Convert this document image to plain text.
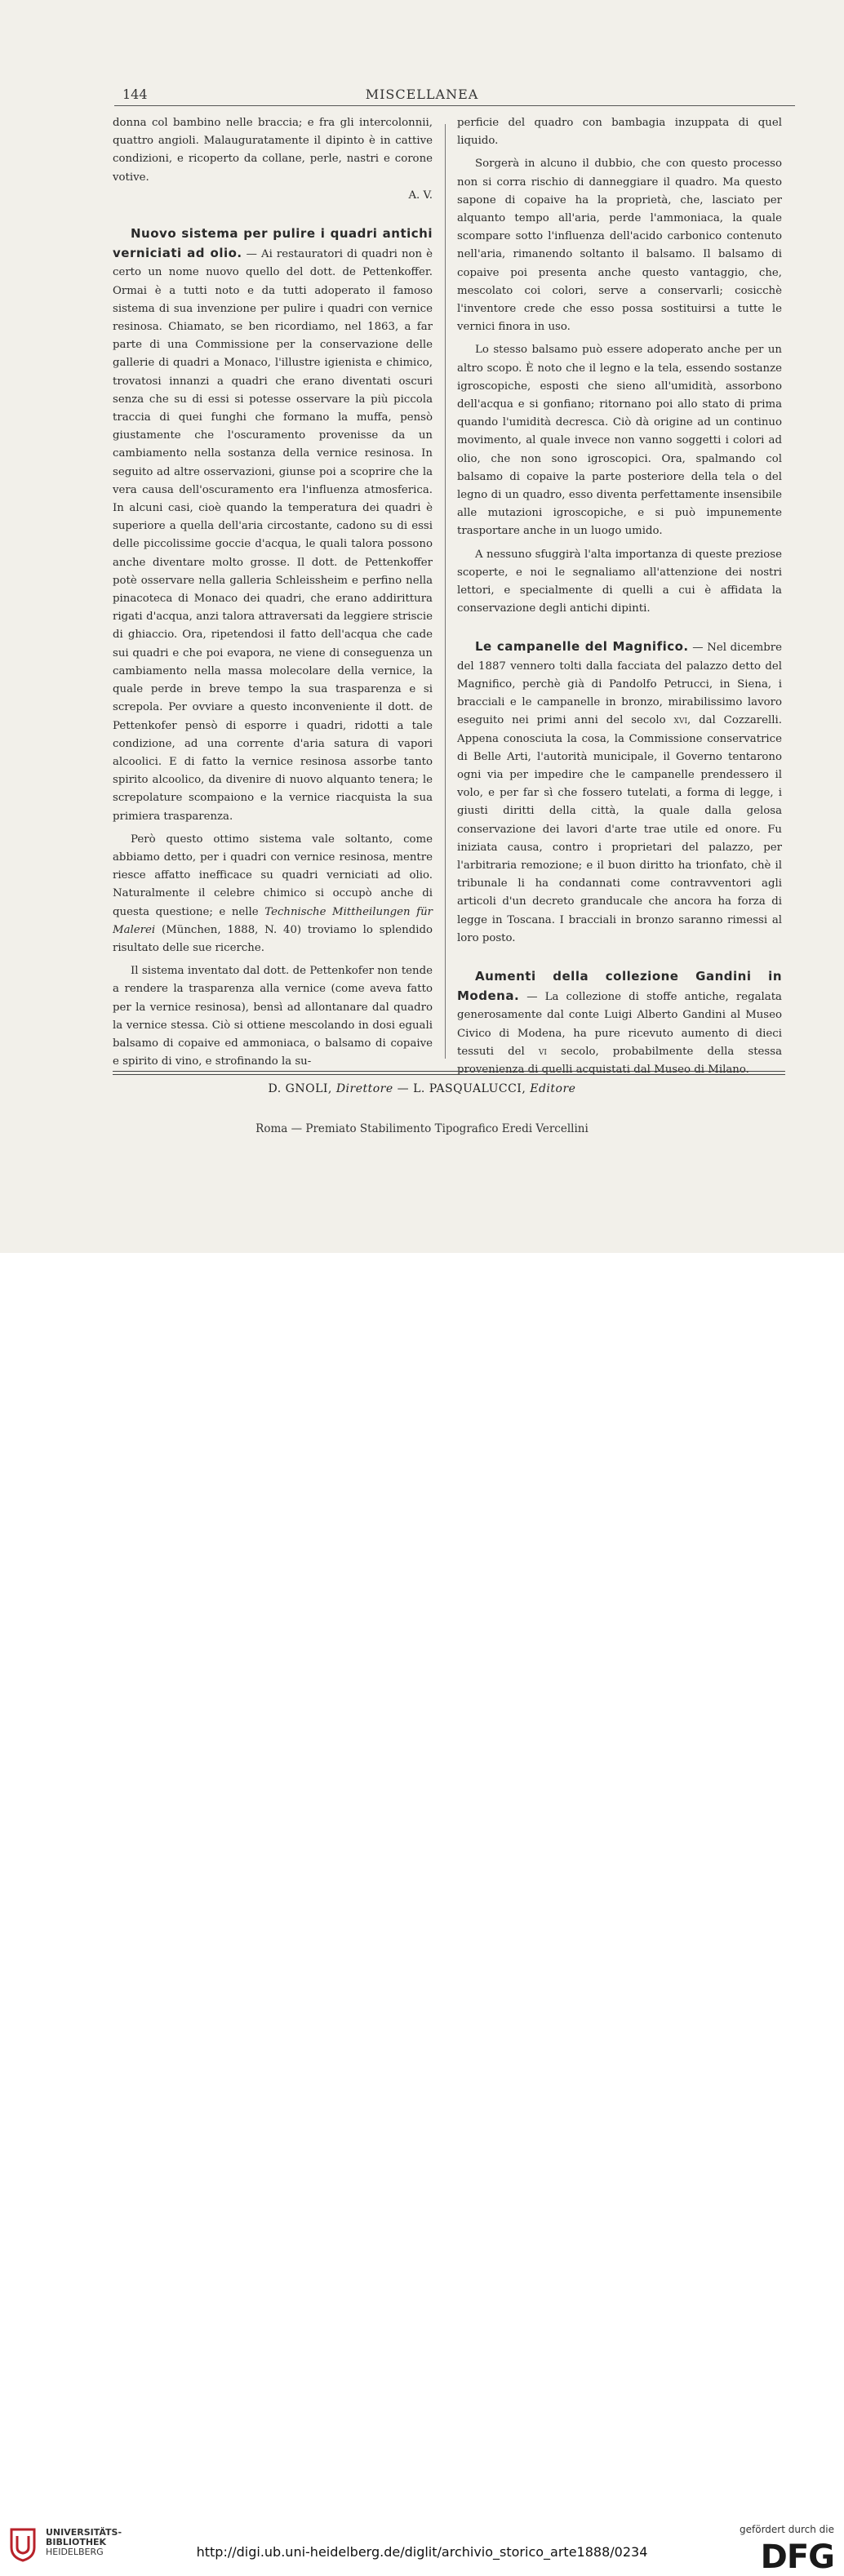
144	MISCELLANEA

donna col bambino nelle braccia; e fra gli intercolonnii, quattro angioli. Malauguratamente il dipinto è in cattive condizioni, e ricoperto da collane, perle, nastri e corone votive.
A. V.

Nuovo sistema per pulire i quadri antichi verniciati ad olio. — Ai restauratori di quadri non è certo un nome nuovo quello del dott. de Pettenkoffer. Ormai è a tutti noto e da tutti adoperato il famoso sistema di sua invenzione per pulire i quadri con vernice resinosa. Chiamato, se ben ricordiamo, nel 1863, a far parte di una Commissione per la conservazione delle gallerie di quadri a Monaco, l'illustre igienista e chimico, trovatosi innanzi a quadri che erano diventati oscuri senza che su di essi si potesse osservare la più piccola traccia di quei funghi che formano la muffa, pensò giustamente che l'oscuramento provenisse da un cambiamento nella sostanza della vernice resinosa. In seguito ad altre osservazioni, giunse poi a scoprire che la vera causa dell'oscuramento era l'influenza atmosferica. In alcuni casi, cioè quando la temperatura dei quadri è superiore a quella dell'aria circostante, cadono su di essi delle piccolissime goccie d'acqua, le quali talora possono anche diventare molto grosse. Il dott. de Pettenkoffer potè osservare nella galleria Schleissheim e perfino nella pinacoteca di Monaco dei quadri, che erano addirittura rigati d'acqua, anzi talora attraversati da leggiere striscie di ghiaccio. Ora, ripetendosi il fatto dell'acqua che cade sui quadri e che poi evapora, ne viene di conseguenza un cambiamento nella massa molecolare della vernice, la quale perde in breve tempo la sua trasparenza e si screpola. Per ovviare a questo inconveniente il dott. de Pettenkofer pensò di esporre i quadri, ridotti a tale condizione, ad una corrente d'aria satura di vapori alcoolici. E di fatto la vernice resinosa assorbe tanto spirito alcoolico, da divenire di nuovo alquanto tenera; le screpolature scompaiono e la vernice riacquista la sua primiera trasparenza.

Però questo ottimo sistema vale soltanto, come abbiamo detto, per i quadri con vernice resinosa, mentre riesce affatto inefficace su quadri verniciati ad olio. Naturalmente il celebre chimico si occupò anche di questa questione; e nelle Technische Mittheilungen für Malerei (München, 1888, N. 40) troviamo lo splendido risultato delle sue ricerche.

Il sistema inventato dal dott. de Pettenkofer non tende a rendere la trasparenza alla vernice (come aveva fatto per la vernice resinosa), bensì ad allontanare dal quadro la vernice stessa. Ciò si ottiene mescolando in dosi eguali balsamo di copaive ed ammoniaca, o balsamo di copaive e spirito di vino, e strofinando la su-

perficie del quadro con bambagia inzuppata di quel liquido.

Sorgerà in alcuno il dubbio, che con questo processo non si corra rischio di danneggiare il quadro. Ma questo sapone di copaive ha la proprietà, che, lasciato per alquanto tempo all'aria, perde l'ammoniaca, la quale scompare sotto l'influenza dell'acido carbonico contenuto nell'aria, rimanendo soltanto il balsamo. Il balsamo di copaive poi presenta anche questo vantaggio, che, mescolato coi colori, serve a conservarli; cosicchè l'inventore crede che esso possa sostituirsi a tutte le vernici finora in uso.

Lo stesso balsamo può essere adoperato anche per un altro scopo. È noto che il legno e la tela, essendo sostanze igroscopiche, esposti che sieno all'umidità, assorbono dell'acqua e si gonfiano; ritornano poi allo stato di prima quando l'umidità decresca. Ciò dà origine ad un continuo movimento, al quale invece non vanno soggetti i colori ad olio, che non sono igroscopici. Ora, spalmando col balsamo di copaive la parte posteriore della tela o del legno di un quadro, esso diventa perfettamente insensibile alle mutazioni igroscopiche, e si può impunemente trasportare anche in un luogo umido.

A nessuno sfuggirà l'alta importanza di queste preziose scoperte, e noi le segnaliamo all'attenzione dei nostri lettori, e specialmente di quelli a cui è affidata la conservazione degli antichi dipinti.

Le campanelle del Magnifico. — Nel dicembre del 1887 vennero tolti dalla facciata del palazzo detto del Magnifico, perchè già di Pandolfo Petrucci, in Siena, i bracciali e le campanelle in bronzo, mirabilissimo lavoro eseguito nei primi anni del secolo xvi, dal Cozzarelli. Appena conosciuta la cosa, la Commissione conservatrice di Belle Arti, l'autorità municipale, il Governo tentarono ogni via per impedire che le campanelle prendessero il volo, e per far sì che fossero tutelati, a forma di legge, i giusti diritti della città, la quale dalla gelosa conservazione dei lavori d'arte trae utile ed onore. Fu iniziata causa, contro i proprietari del palazzo, per l'arbitraria remozione; e il buon diritto ha trionfato, chè il tribunale li ha condannati come contravventori agli articoli d'un decreto granducale che ancora ha forza di legge in Toscana. I bracciali in bronzo saranno rimessi al loro posto.

Aumenti della collezione Gandini in Modena. — La collezione di stoffe antiche, regalata generosamente dal conte Luigi Alberto Gandini al Museo Civico di Modena, ha pure ricevuto aumento di dieci tessuti del vi secolo, probabilmente della stessa provenienza di quelli acquistati dal Museo di Milano.

D. GNOLI, Direttore — L. PASQUALUCCI, Editore
Roma — Premiato Stabilimento Tipografico Eredi Vercellini
UNIVERSITÄTS-
BIBLIOTHEK
HEIDELBERG	http://digi.ub.uni-heidelberg.de/diglit/archivio_storico_arte1888/0234
gefördert durch die
DFG
